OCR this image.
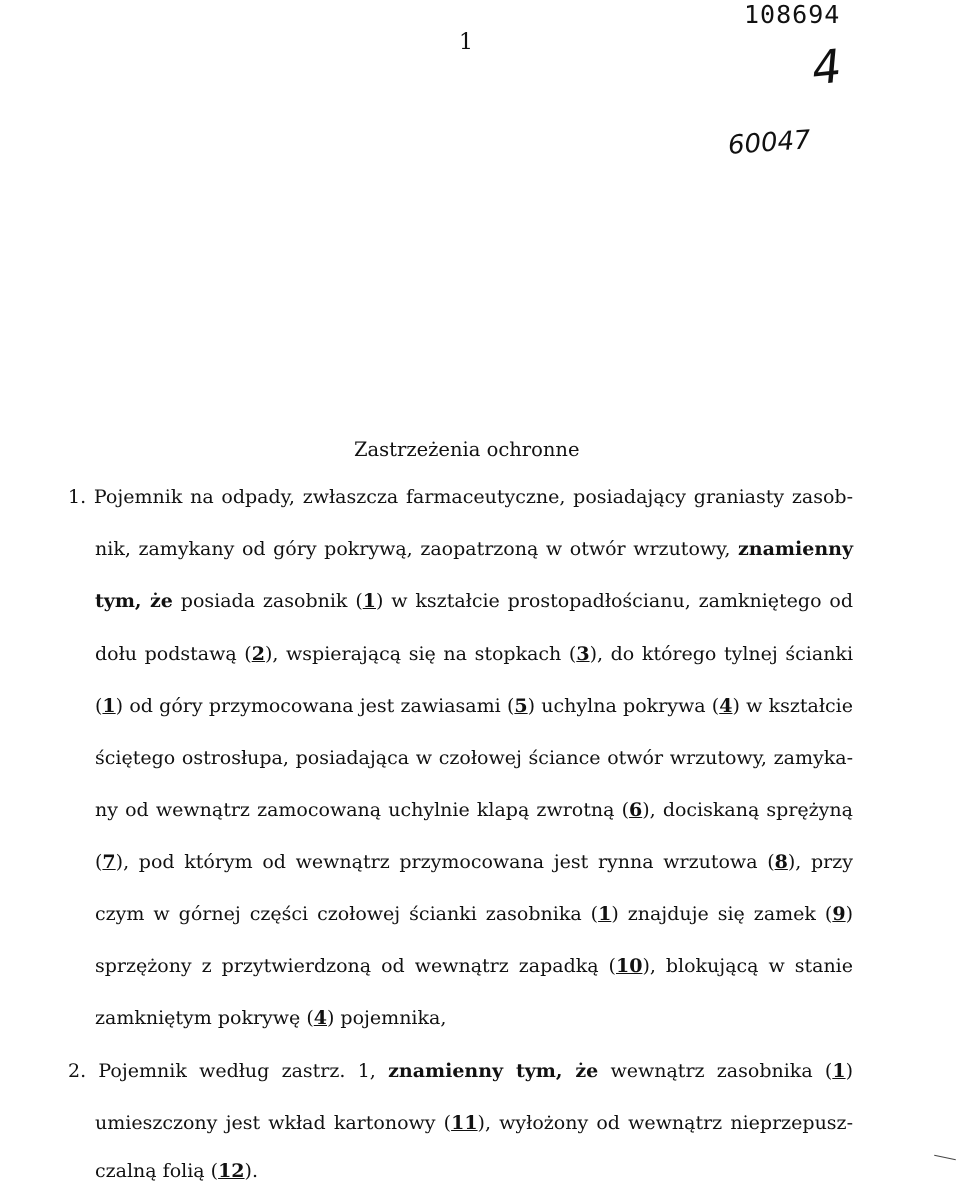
1
108694
4
60047
Zastrzeżenia ochronne
1. Pojemnik na odpady, zwłaszcza farmaceutyczne, posiadający graniasty zasob-
nik, zamykany od góry pokrywą, zaopatrzoną w otwór wrzutowy, znamienny
tym, że posiada zasobnik (1) w kształcie prostopadłościanu, zamkniętego od
dołu podstawą (2), wspierającą się na stopkach (3), do którego tylnej ścianki
(1) od góry przymocowana jest zawiasami (5) uchylna pokrywa (4) w kształcie
ściętego ostrosłupa, posiadająca w czołowej ściance otwór wrzutowy, zamyka-
ny od wewnątrz zamocowaną uchylnie klapą zwrotną (6), dociskaną sprężyną
(7), pod którym od wewnątrz przymocowana jest rynna wrzutowa (8), przy
czym w górnej części czołowej ścianki zasobnika (1) znajduje się zamek (9)
sprzężony z przytwierdzoną od wewnątrz zapadką (10), blokującą w stanie
zamkniętym pokrywę (4) pojemnika,
2. Pojemnik według zastrz. 1, znamienny tym, że wewnątrz zasobnika (1)
umieszczony jest wkład kartonowy (11), wyłożony od wewnątrz nieprzepusz-
czalną folią (12).
